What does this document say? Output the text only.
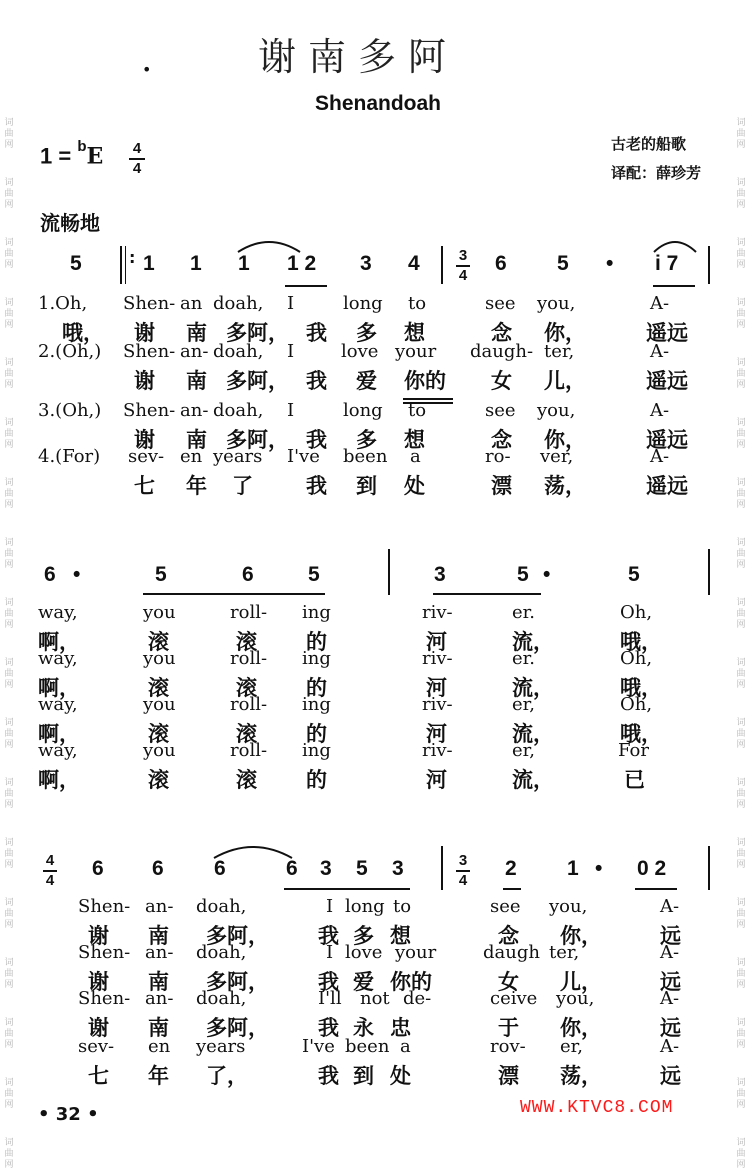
词
曲
网
词
曲
网
词
曲
网
词
曲
网
词
曲
网
词
曲
网
词
曲
网
词
曲
网
词
曲
网
词
曲
网
词
曲
网
词
曲
网
词
曲
网
词
曲
网
词
曲
网
词
曲
网
词
曲
网
词
曲
网
词
曲
网
词
曲
网
词
曲
网
词
曲
网
词
曲
网
词
曲
网
词
曲
网
词
曲
网
词
曲
网
词
曲
网
词
曲
网
词
曲
网
词
曲
网
词
曲
网
词
曲
网
词
曲
网
词
曲
网
词
曲
网
谢南多阿
•
Shenandoah
古老的船歌
译配：薛珍芳
1 = $^b$E 4
4
流畅地
:	3
4
4
4
3
4
5	1 1 1 1 2 3 4	6 5 • i 7
1.Oh, Shen- an doah, I	long to	see you,	A-
哦， 谢 南 多阿， 我 多 想	念 你，	遥远
2.(Oh,) Shen- an- doah, I	love your daugh- ter,	A-
谢 南 多阿， 我 爱 你的 女 儿，	遥远
3.(Oh,) Shen- an- doah, I	long to	see you,	A-
谢 南 多阿， 我 多 想	念 你，	遥远
4.(For) sev- en years I've been a	ro- ver,	A-
七 年 了	我 到 处	漂 荡，	遥远
6 •	5	6	5	3	5 •	5
way,	you	roll- ing	riv-	er.	Oh,
啊，	滚	滚 的	河	流，	哦，
way,	you	roll- ing	riv-	er.	Oh,
啊，	滚	滚 的	河	流，	哦，
way,	you	roll- ing	riv-	er,	Oh,
啊，	滚	滚 的	河	流，	哦，
way,	you	roll- ing	riv-	er,	For
啊，	滚	滚 的	河	流，	已
6 6 6	6 3 5 3	2 1 • 0 2
Shen- an- doah,	I long to	see you,	A-
谢 南 多阿， 我 多 想	念 你，	远
Shen- an- doah,	I love your	daugh ter,	A-
谢 南 多阿， 我 爱 你的	女 儿，	远
Shen- an- doah,	I'll not de-	ceive you,	A-
谢 南 多阿， 我 永 忠	于 你，	远
sev- en years	I've been a	rov- er,	A-
七 年 了，	我 到 处	漂 荡，	远
• 32 •	WWW.KTVC8.COM
